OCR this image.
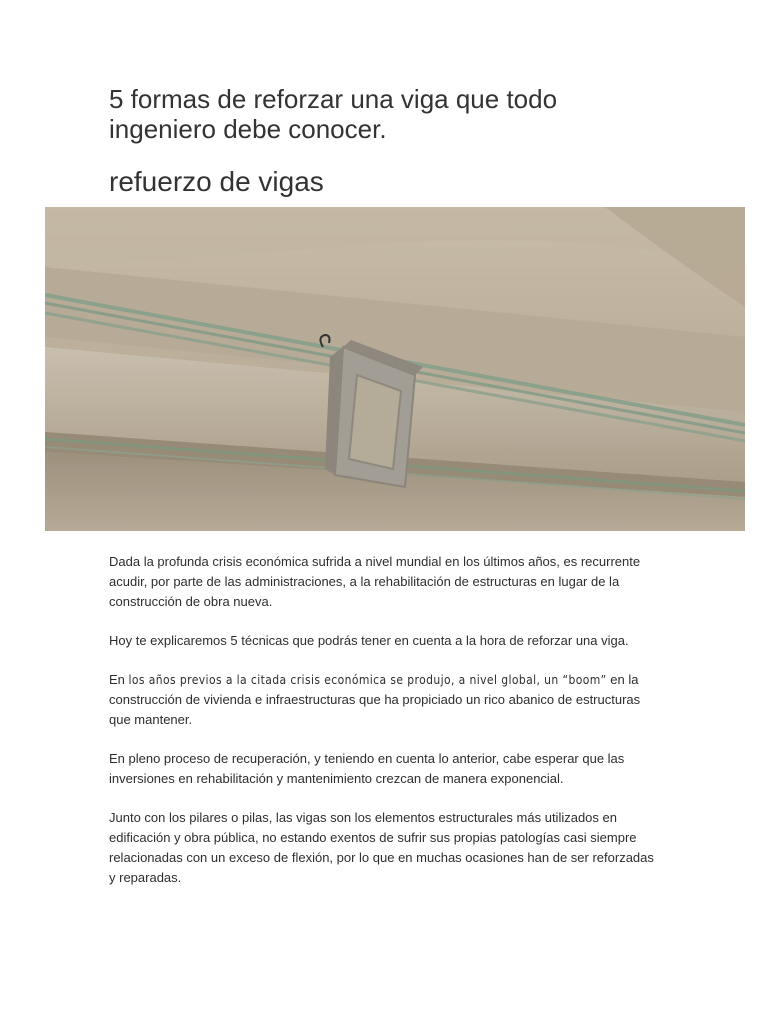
5 formas de reforzar una viga que todo ingeniero debe conocer.
refuerzo de vigas

Dada la profunda crisis económica sufrida a nivel mundial en los últimos años, es recurrente acudir, por parte de las administraciones, a la rehabilitación de estructuras en lugar de la construcción de obra nueva.

Hoy te explicaremos 5 técnicas que podrás tener en cuenta a la hora de reforzar una viga.

En los años previos a la citada crisis económica se produjo, a nivel global, un “boom” en la construcción de vivienda e infraestructuras que ha propiciado un rico abanico de estructuras que mantener.

En pleno proceso de recuperación, y teniendo en cuenta lo anterior, cabe esperar que las inversiones en rehabilitación y mantenimiento crezcan de manera exponencial.

Junto con los pilares o pilas, las vigas son los elementos estructurales más utilizados en edificación y obra pública, no estando exentos de sufrir sus propias patologías casi siempre relacionadas con un exceso de flexión, por lo que en muchas ocasiones han de ser reforzadas y reparadas.
